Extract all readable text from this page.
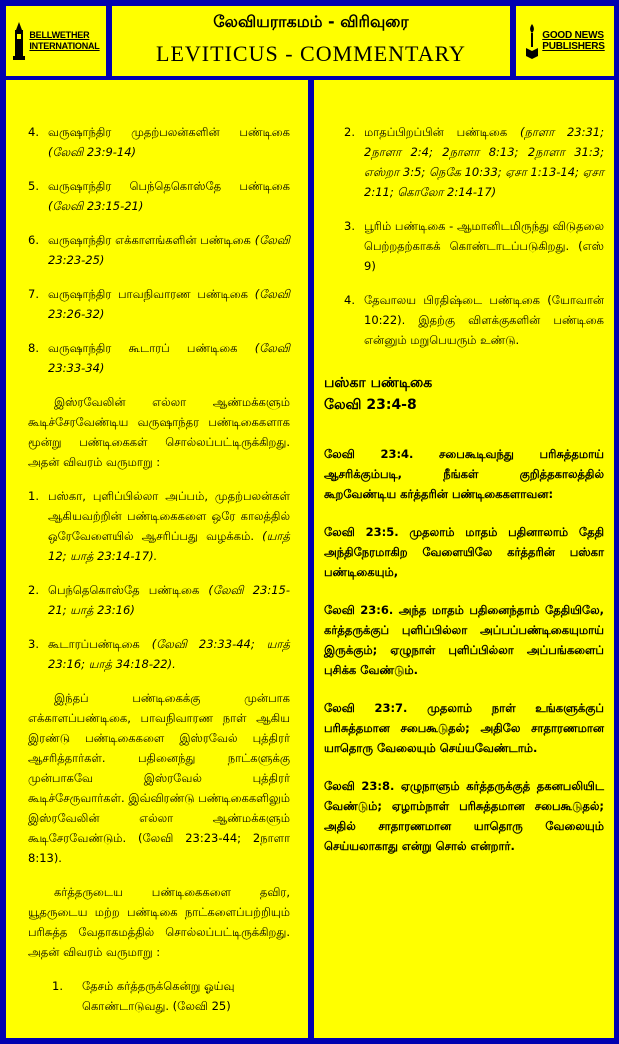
BELLWETHER
INTERNATIONAL
லேவியராகமம் - விரிவுரை
LEVITICUS - COMMENTARY
GOOD NEWS
PUBLISHERS
4. வருஷாந்திர முதற்பலன்களின் பண்டிகை (லேவி 23:9-14)
5. வருஷாந்திர பெந்தெகொஸ்தே பண்டிகை (லேவி 23:15-21)
6. வருஷாந்திர எக்காளங்களின் பண்டிகை (லேவி 23:23-25)
7. வருஷாந்திர பாவநிவாரண பண்டிகை (லேவி 23:26-32)
8. வருஷாந்திர கூடாரப் பண்டிகை (லேவி 23:33-34)

இஸ்ரவேலின் எல்லா ஆண்மக்களும் கூடிச்சேரவேண்டிய வருஷாந்தர பண்டிகைகளாக மூன்று பண்டிகைகள் சொல்லப்பட்டிருக்கிறது. அதன் விவரம் வருமாறு :

1. பஸ்கா, புளிப்பில்லா அப்பம், முதற்பலன்கள் ஆகியவற்றின் பண்டிகைகளை ஒரே காலத்தில் ஒரேவேளையில் ஆசரிப்பது வழக்கம். (யாத் 12; யாத் 23:14-17).
2. பெந்தெகொஸ்தே பண்டிகை (லேவி 23:15-21; யாத் 23:16)
3. கூடாரப்பண்டிகை (லேவி 23:33-44; யாத் 23:16; யாத் 34:18-22).

இந்தப் பண்டிகைக்கு முன்பாக எக்காளப்பண்டிகை, பாவநிவாரண நாள் ஆகிய இரண்டு பண்டிகைகளை இஸ்ரவேல் புத்திரர் ஆசரித்தார்கள். பதினைந்து நாட்களுக்கு முன்பாகவே இஸ்ரவேல் புத்திரர் கூடிச்சேருவார்கள். இவ்விரண்டு பண்டிகைகளிலும் இஸ்ரவேலின் எல்லா ஆண்மக்களும் கூடிசேரவேண்டும். (லேவி 23:23-44; 2நாளா 8:13).

கர்த்தருடைய பண்டிகைகளை தவிர, யூதருடைய மற்ற பண்டிகை நாட்களைப்பற்றியும் பரிசுத்த வேதாகமத்தில் சொல்லப்பட்டிருக்கிறது. அதன் விவரம் வருமாறு :

1.	தேசம் கர்த்தருக்கென்று ஓய்வு கொண்டாடுவது. (லேவி 25)
2. மாதப்பிறப்பின் பண்டிகை (நாளா 23:31; 2நாளா 2:4; 2நாளா 8:13; 2நாளா 31:3; எஸ்றா 3:5; நெகே 10:33; ஏசா 1:13-14; ஏசா 2:11; கொலோ 2:14-17)
3. பூரிம் பண்டிகை - ஆமானிடமிருந்து விடுதலை பெற்றதற்காகக் கொண்டாடப்படுகிறது. (எஸ் 9)
4. தேவாலய பிரதிஷ்டை பண்டிகை (யோவான் 10:22). இதற்கு விளக்குகளின் பண்டிகை என்னும் மறுபெயரும் உண்டு.
பஸ்கா பண்டிகை
லேவி 23:4-8

லேவி 23:4. சபைகூடிவந்து பரிசுத்தமாய் ஆசரிக்கும்படி, நீங்கள் குறித்தகாலத்தில் கூறவேண்டிய கர்த்தரின் பண்டிகைகளாவன:

லேவி 23:5. முதலாம் மாதம் பதினாலாம் தேதி அந்திநேரமாகிற வேளையிலே கர்த்தரின் பஸ்கா பண்டிகையும்,

லேவி 23:6. அந்த மாதம் பதினைந்தாம் தேதியிலே, கர்த்தருக்குப் புளிப்பில்லா அப்பப்பண்டிகையுமாய் இருக்கும்; ஏழுநாள் புளிப்பில்லா அப்பங்களைப் புசிக்க வேண்டும்.

லேவி 23:7. முதலாம் நாள் உங்களுக்குப் பரிசுத்தமான சபைகூடுதல்; அதிலே சாதாரணமான யாதொரு வேலையும் செய்யவேண்டாம்.

லேவி 23:8. ஏழுநாளும் கர்த்தருக்குத் தகனபலியிட வேண்டும்; ஏழாம்நாள் பரிசுத்தமான சபைகூடுதல்; அதில் சாதாரணமான யாதொரு வேலையும் செய்யலாகாது என்று சொல் என்றார்.
